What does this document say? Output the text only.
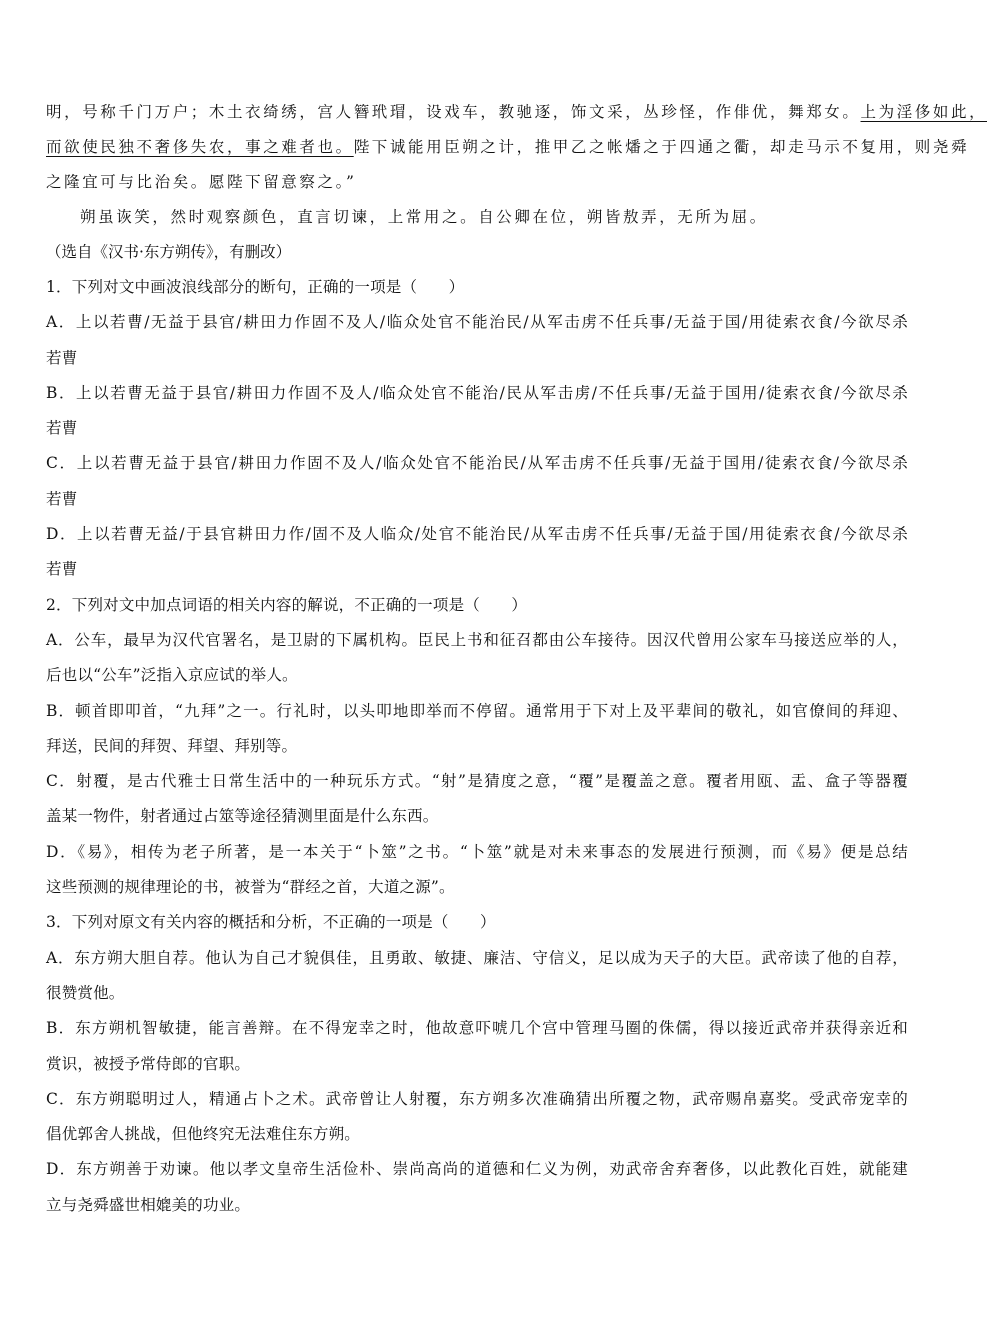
明，号称千门万户；木土衣绮绣，宫人簪玳瑁，设戏车，教驰逐，饰文采，丛珍怪，作俳优，舞郑女。上为淫侈如此，
而欲使民独不奢侈失农，事之难者也。陛下诚能用臣朔之计，推甲乙之帐燔之于四通之衢，却走马示不复用，则尧舜
之隆宜可与比治矣。愿陛下留意察之。”
朔虽诙笑，然时观察颜色，直言切谏，上常用之。自公卿在位，朔皆敖弄，无所为屈。
（选自《汉书·东方朔传》，有删改）
1．下列对文中画波浪线部分的断句，正确的一项是（　　）
A．上以若曹/无益于县官/耕田力作固不及人/临众处官不能治民/从军击虏不任兵事/无益于国/用徒索衣食/今欲尽杀
若曹
B．上以若曹无益于县官/耕田力作固不及人/临众处官不能治/民从军击虏/不任兵事/无益于国用/徒索衣食/今欲尽杀
若曹
C．上以若曹无益于县官/耕田力作固不及人/临众处官不能治民/从军击虏不任兵事/无益于国用/徒索衣食/今欲尽杀
若曹
D．上以若曹无益/于县官耕田力作/固不及人临众/处官不能治民/从军击虏不任兵事/无益于国/用徒索衣食/今欲尽杀
若曹
2．下列对文中加点词语的相关内容的解说，不正确的一项是（　　）
A．公车，最早为汉代官署名，是卫尉的下属机构。臣民上书和征召都由公车接待。因汉代曾用公家车马接送应举的人，
后也以“公车”泛指入京应试的举人。
B．顿首即叩首，“九拜”之一。行礼时，以头叩地即举而不停留。通常用于下对上及平辈间的敬礼，如官僚间的拜迎、
拜送，民间的拜贺、拜望、拜别等。
C．射覆，是古代雅士日常生活中的一种玩乐方式。“射”是猜度之意，“覆”是覆盖之意。覆者用瓯、盂、盒子等器覆
盖某一物件，射者通过占筮等途径猜测里面是什么东西。
D．《易》，相传为老子所著，是一本关于“卜筮”之书。“卜筮”就是对未来事态的发展进行预测，而《易》便是总结
这些预测的规律理论的书，被誉为“群经之首，大道之源”。
3．下列对原文有关内容的概括和分析，不正确的一项是（　　）
A．东方朔大胆自荐。他认为自己才貌俱佳，且勇敢、敏捷、廉洁、守信义，足以成为天子的大臣。武帝读了他的自荐，
很赞赏他。
B．东方朔机智敏捷，能言善辩。在不得宠幸之时，他故意吓唬几个宫中管理马圈的侏儒，得以接近武帝并获得亲近和
赏识，被授予常侍郎的官职。
C．东方朔聪明过人，精通占卜之术。武帝曾让人射覆，东方朔多次准确猜出所覆之物，武帝赐帛嘉奖。受武帝宠幸的
倡优郭舍人挑战，但他终究无法难住东方朔。
D．东方朔善于劝谏。他以孝文皇帝生活俭朴、崇尚高尚的道德和仁义为例，劝武帝舍弃奢侈，以此教化百姓，就能建
立与尧舜盛世相媲美的功业。
